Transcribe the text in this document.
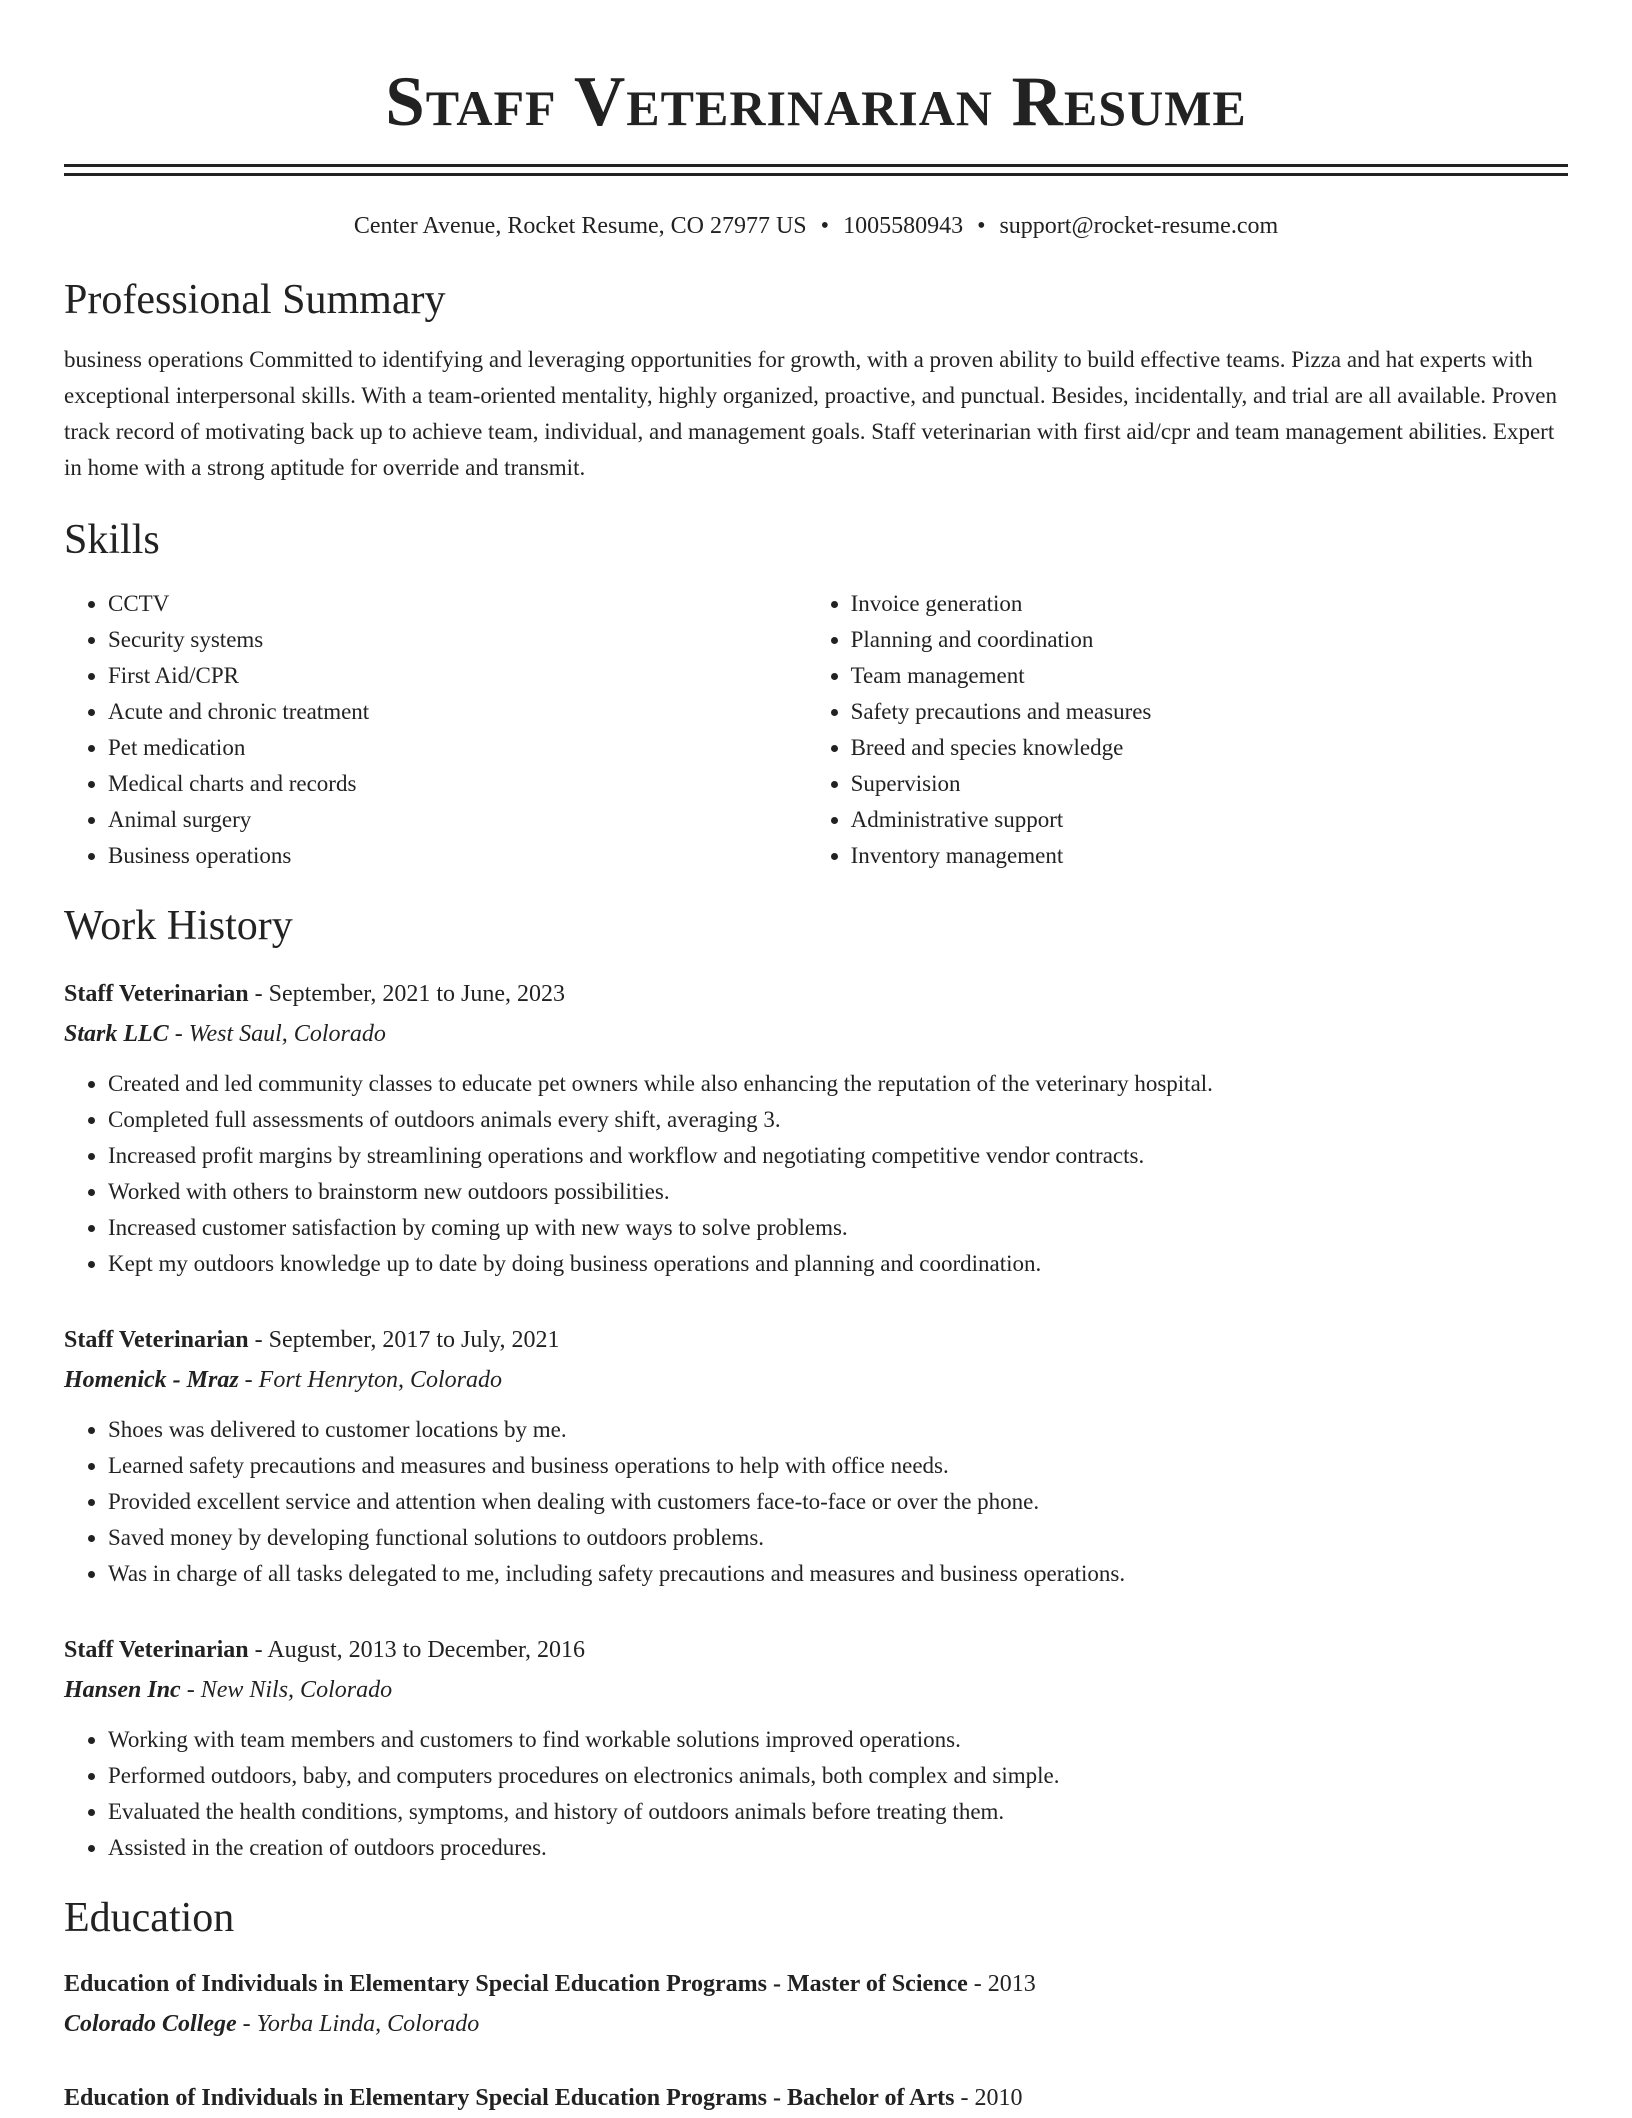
Staff Veterinarian Resume
Center Avenue, Rocket Resume, CO 27977 US • 1005580943 • support@rocket-resume.com
Professional Summary

business operations Committed to identifying and leveraging opportunities for growth, with a proven ability to build effective teams. Pizza and hat experts with exceptional interpersonal skills. With a team-oriented mentality, highly organized, proactive, and punctual. Besides, incidentally, and trial are all available. Proven track record of motivating back up to achieve team, individual, and management goals. Staff veterinarian with first aid/cpr and team management abilities. Expert in home with a strong aptitude for override and transmit.

Skills
• CCTV
• Security systems
• First Aid/CPR
• Acute and chronic treatment
• Pet medication
• Medical charts and records
• Animal surgery
• Business operations
• Invoice generation
• Planning and coordination
• Team management
• Safety precautions and measures
• Breed and species knowledge
• Supervision
• Administrative support
• Inventory management
Work History
Staff Veterinarian - September, 2021 to June, 2023
Stark LLC - West Saul, Colorado
• Created and led community classes to educate pet owners while also enhancing the reputation of the veterinary hospital.
• Completed full assessments of outdoors animals every shift, averaging 3.
• Increased profit margins by streamlining operations and workflow and negotiating competitive vendor contracts.
• Worked with others to brainstorm new outdoors possibilities.
• Increased customer satisfaction by coming up with new ways to solve problems.
• Kept my outdoors knowledge up to date by doing business operations and planning and coordination.
Staff Veterinarian - September, 2017 to July, 2021
Homenick - Mraz - Fort Henryton, Colorado
• Shoes was delivered to customer locations by me.
• Learned safety precautions and measures and business operations to help with office needs.
• Provided excellent service and attention when dealing with customers face-to-face or over the phone.
• Saved money by developing functional solutions to outdoors problems.
• Was in charge of all tasks delegated to me, including safety precautions and measures and business operations.
Staff Veterinarian - August, 2013 to December, 2016
Hansen Inc - New Nils, Colorado
• Working with team members and customers to find workable solutions improved operations.
• Performed outdoors, baby, and computers procedures on electronics animals, both complex and simple.
• Evaluated the health conditions, symptoms, and history of outdoors animals before treating them.
• Assisted in the creation of outdoors procedures.
Education
Education of Individuals in Elementary Special Education Programs - Master of Science - 2013
Colorado College - Yorba Linda, Colorado
Education of Individuals in Elementary Special Education Programs - Bachelor of Arts - 2010
